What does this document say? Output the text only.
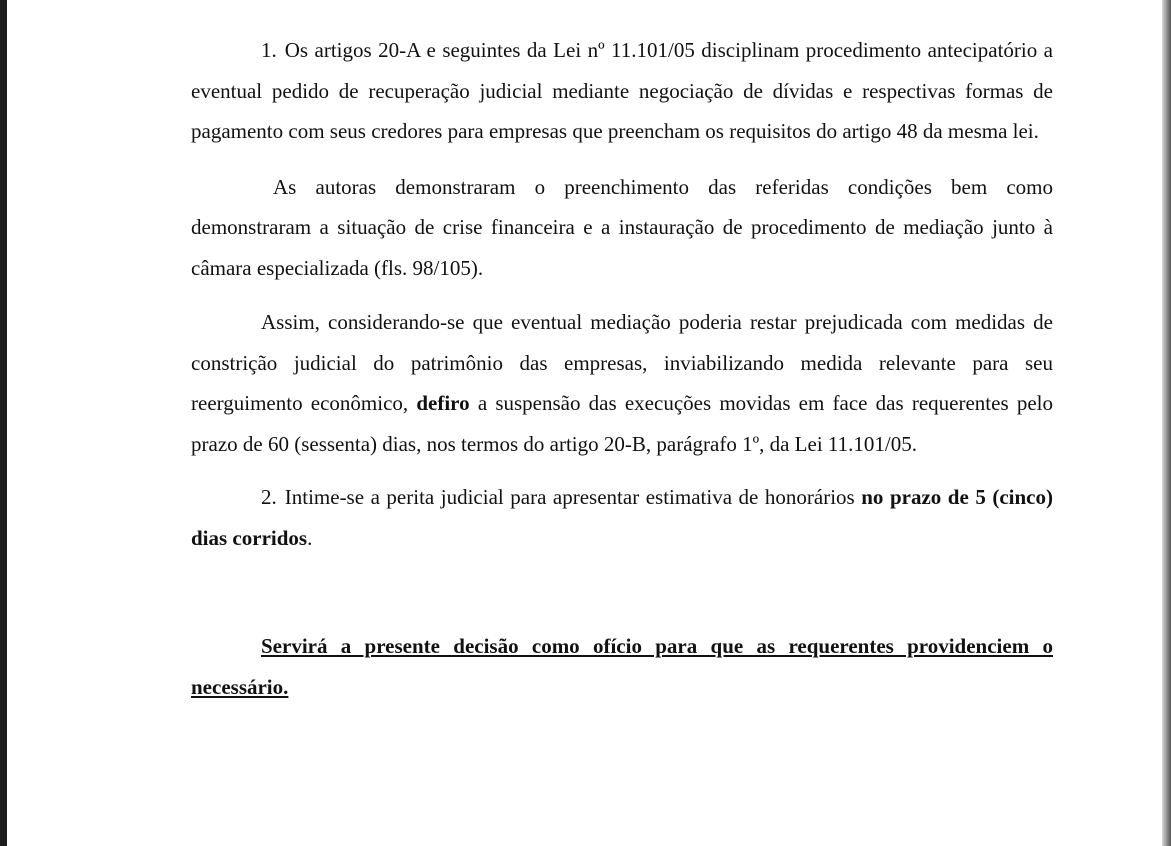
1. Os artigos 20-A e seguintes da Lei nº 11.101/05 disciplinam procedimento antecipatório a eventual pedido de recuperação judicial mediante negociação de dívidas e respectivas formas de pagamento com seus credores para empresas que preencham os requisitos do artigo 48 da mesma lei.

As autoras demonstraram o preenchimento das referidas condições bem como demonstraram a situação de crise financeira e a instauração de procedimento de mediação junto à câmara especializada (fls. 98/105).

Assim, considerando-se que eventual mediação poderia restar prejudicada com medidas de constrição judicial do patrimônio das empresas, inviabilizando medida relevante para seu reerguimento econômico, defiro a suspensão das execuções movidas em face das requerentes pelo prazo de 60 (sessenta) dias, nos termos do artigo 20-B, parágrafo 1º, da Lei 11.101/05.

2. Intime-se a perita judicial para apresentar estimativa de honorários no prazo de 5 (cinco) dias corridos.

Servirá a presente decisão como ofício para que as requerentes providenciem o necessário.
